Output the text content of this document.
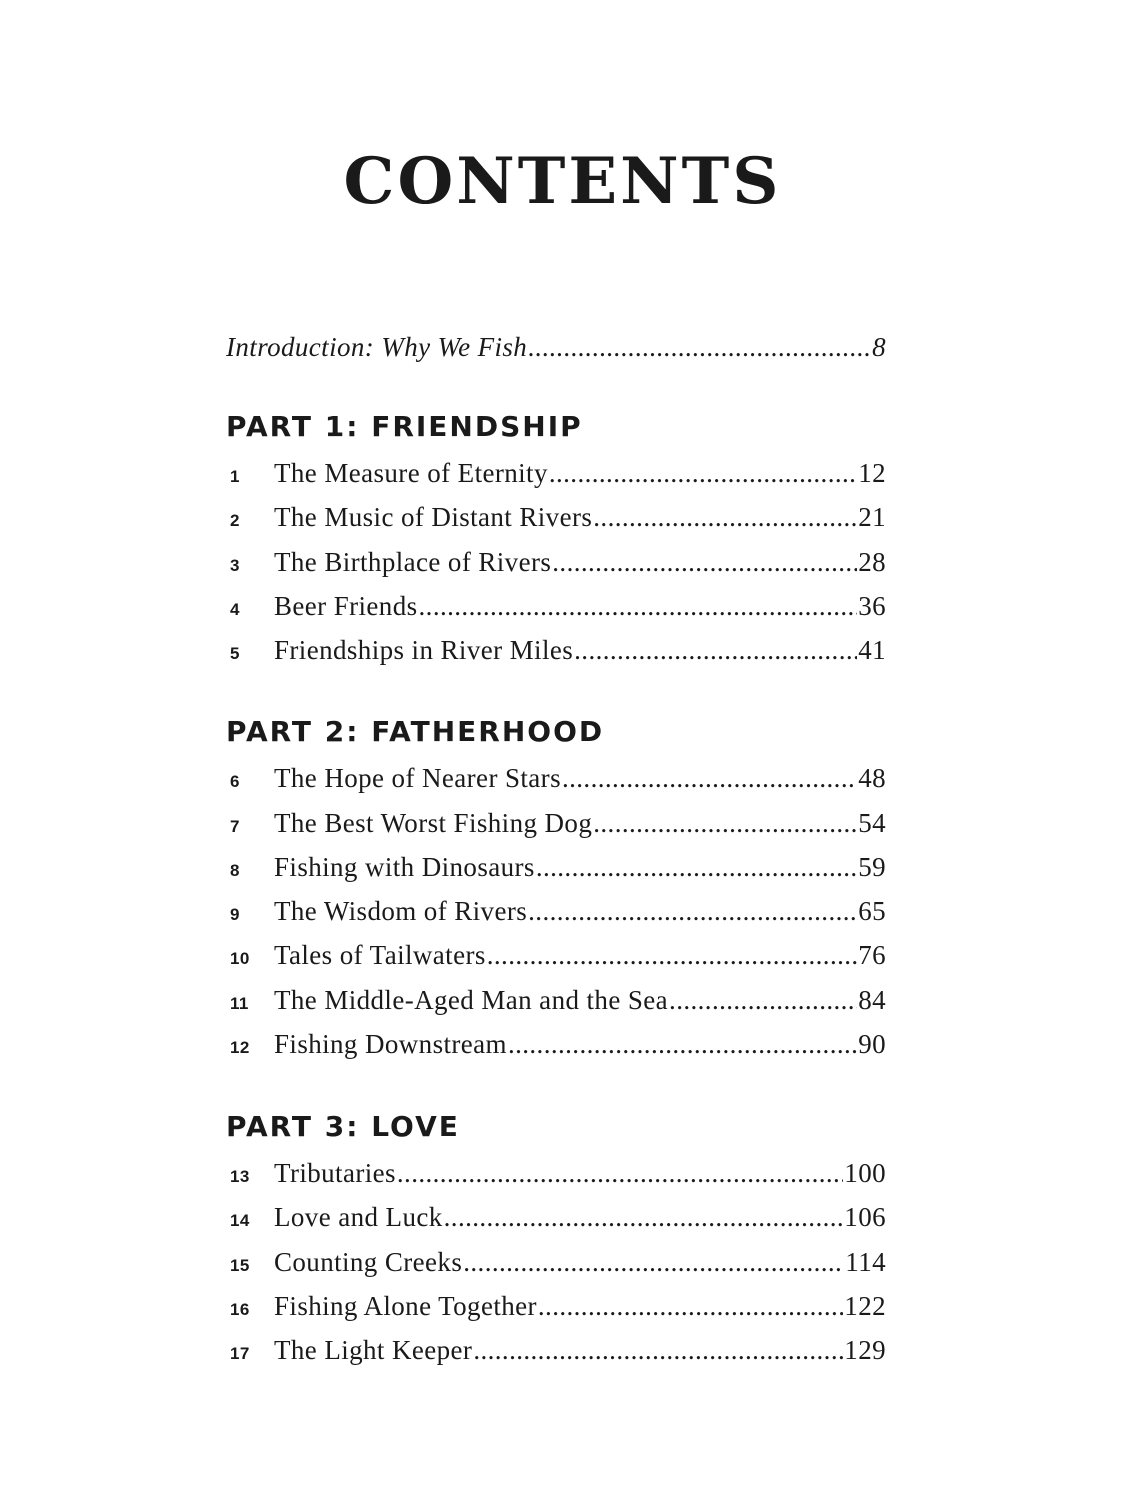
CONTENTS
Introduction: Why We Fish .....	8
PART 1: FRIENDSHIP
1	The Measure of Eternity .....	12
2	The Music of Distant Rivers .....	21
3	The Birthplace of Rivers .....	28
4	Beer Friends .....	36
5	Friendships in River Miles .....	41
PART 2: FATHERHOOD
6	The Hope of Nearer Stars .....	48
7	The Best Worst Fishing Dog .....	54
8	Fishing with Dinosaurs .....	59
9	The Wisdom of Rivers .....	65
10 Tales of Tailwaters .....	76
11 The Middle-Aged Man and the Sea .....	84
12 Fishing Downstream .....	90
PART 3: LOVE
13 Tributaries .....	100
14 Love and Luck .....	106
15 Counting Creeks .....	114
16 Fishing Alone Together .....	122
17 The Light Keeper .....	129
